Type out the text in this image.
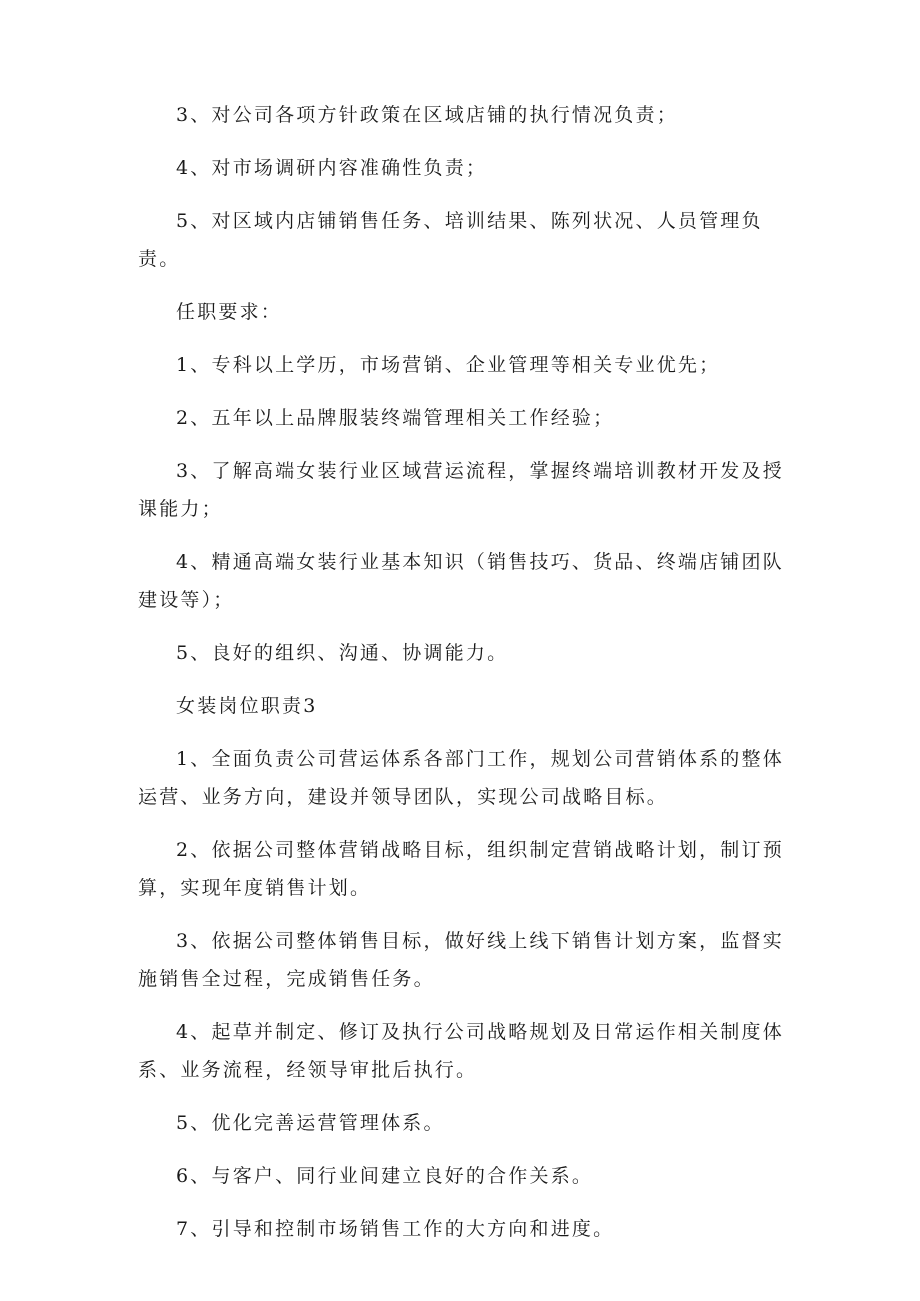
3、对公司各项方针政策在区域店铺的执行情况负责；

4、对市场调研内容准确性负责；

5、对区域内店铺销售任务、培训结果、陈列状况、人员管理负责。

任职要求：

1、专科以上学历，市场营销、企业管理等相关专业优先；

2、五年以上品牌服装终端管理相关工作经验；

3、了解高端女装行业区域营运流程，掌握终端培训教材开发及授课能力；

4、精通高端女装行业基本知识（销售技巧、货品、终端店铺团队建设等）；

5、良好的组织、沟通、协调能力。

女装岗位职责3

1、全面负责公司营运体系各部门工作，规划公司营销体系的整体运营、业务方向，建设并领导团队，实现公司战略目标。

2、依据公司整体营销战略目标，组织制定营销战略计划，制订预算，实现年度销售计划。

3、依据公司整体销售目标，做好线上线下销售计划方案，监督实施销售全过程，完成销售任务。

4、起草并制定、修订及执行公司战略规划及日常运作相关制度体系、业务流程，经领导审批后执行。

5、优化完善运营管理体系。

6、与客户、同行业间建立良好的合作关系。

7、引导和控制市场销售工作的大方向和进度。
